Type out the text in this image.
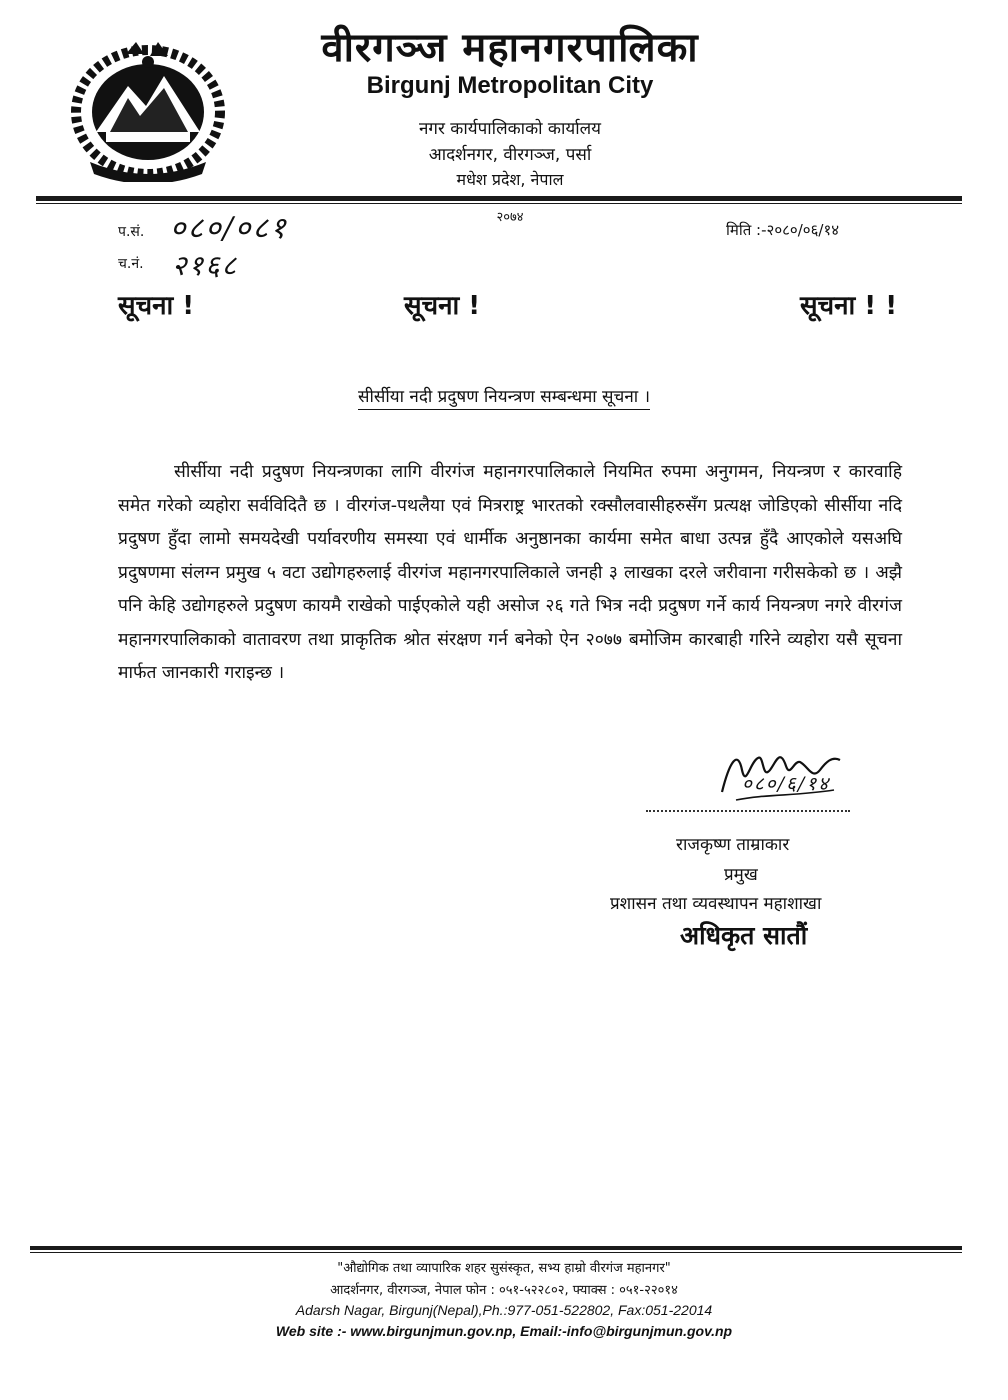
वीरगञ्ज महानगरपालिका
Birgunj Metropolitan City
नगर कार्यपालिकाको कार्यालय
आदर्शनगर, वीरगञ्ज, पर्सा
मधेश प्रदेश, नेपाल
२०७४
प.सं. ०८०/०८१
च.नं. २१६८
मिति :-२०८०/०६/१४
सूचना !	सूचना !	सूचना ! !
सीर्सीया नदी प्रदुषण नियन्त्रण सम्बन्धमा सूचना ।
सीर्सीया नदी प्रदुषण नियन्त्रणका लागि वीरगंज महानगरपालिकाले नियमित रुपमा अनुगमन, नियन्त्रण र कारवाहि समेत गरेको व्यहोरा सर्वविदितै छ । वीरगंज-पथलैया एवं मित्रराष्ट्र भारतको रक्सौलवासीहरुसँग प्रत्यक्ष जोडिएको सीर्सीया नदि प्रदुषण हुँदा लामो समयदेखी पर्यावरणीय समस्या एवं धार्मीक अनुष्ठानका कार्यमा समेत बाधा उत्पन्न हुँदै आएकोले यसअघि प्रदुषणमा संलग्न प्रमुख ५ वटा उद्योगहरुलाई वीरगंज महानगरपालिकाले जनही ३ लाखका दरले जरीवाना गरीसकेको छ । अझै पनि केहि उद्योगहरुले प्रदुषण कायमै राखेको पाईएकोले यही असोज २६ गते भित्र नदी प्रदुषण गर्ने कार्य नियन्त्रण नगरे वीरगंज महानगरपालिकाको वातावरण तथा प्राकृतिक श्रोत संरक्षण गर्न बनेको ऐन २०७७ बमोजिम कारबाही गरिने व्यहोरा यसै सूचना मार्फत जानकारी गराइन्छ ।
०८०/६/१४
राजकृष्ण ताम्राकार
प्रमुख
प्रशासन तथा व्यवस्थापन महाशाखा
अधिकृत सातौं
"औद्योगिक तथा व्यापारिक शहर सुसंस्कृत, सभ्य हाम्रो वीरगंज महानगर"
आदर्शनगर, वीरगञ्ज, नेपाल फोन : ०५१-५२२८०२, फ्याक्स : ०५१-२२०१४
Adarsh Nagar, Birgunj(Nepal),Ph.:977-051-522802, Fax:051-22014
Web site :- www.birgunjmun.gov.np, Email:-info@birgunjmun.gov.np
